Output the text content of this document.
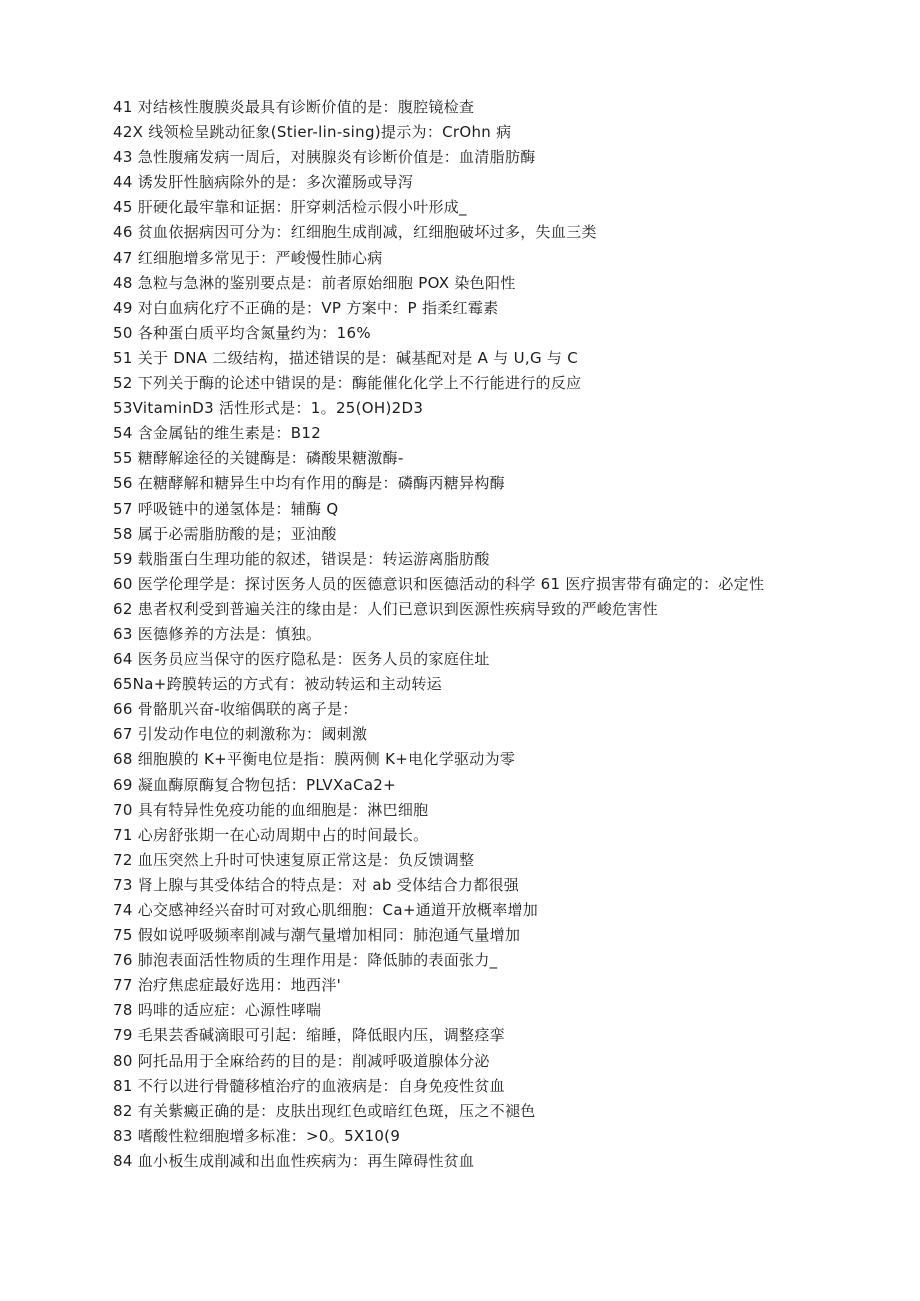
41 对结核性腹膜炎最具有诊断价值的是：腹腔镜检查
42X 线领检呈跳动征象(Stier-lin-sing)提示为：CrOhn 病
43 急性腹痛发病一周后，对胰腺炎有诊断价值是：血清脂肪酶
44 诱发肝性脑病除外的是：多次灌肠或导泻
45 肝硬化最牢靠和证据：肝穿刺活检示假小叶形成_
46 贫血依据病因可分为：红细胞生成削减，红细胞破坏过多，失血三类
47 红细胞增多常见于：严峻慢性肺心病
48 急粒与急淋的鉴别要点是：前者原始细胞 POX 染色阳性
49 对白血病化疗不正确的是：VP 方案中：P 指柔红霉素
50 各种蛋白质平均含氮量约为：16%
51 关于 DNA 二级结构，描述错误的是：碱基配对是 A 与 U,G 与 C
52 下列关于酶的论述中错误的是：酶能催化化学上不行能进行的反应
53VitaminD3 活性形式是：1。25(OH)2D3
54 含金属钻的维生素是：B12
55 糖酵解途径的关键酶是：磷酸果糖激酶-
56 在糖酵解和糖异生中均有作用的酶是：磷酶丙糖异构酶
57 呼吸链中的递氢体是：辅酶 Q
58 属于必需脂肪酸的是；亚油酸
59 载脂蛋白生理功能的叙述，错误是：转运游离脂肪酸
60 医学伦理学是：探讨医务人员的医德意识和医德活动的科学 61 医疗损害带有确定的：必定性
62 患者权利受到普遍关注的缘由是：人们已意识到医源性疾病导致的严峻危害性
63 医德修养的方法是：慎独。
64 医务员应当保守的医疗隐私是：医务人员的家庭住址
65Na+跨膜转运的方式有：被动转运和主动转运
66 骨骼肌兴奋-收缩偶联的离子是：
67 引发动作电位的刺激称为：阈刺激
68 细胞膜的 K+平衡电位是指：膜两侧 K+电化学驱动为零
69 凝血酶原酶复合物包括：PLVXaCa2+
70 具有特异性免疫功能的血细胞是：淋巴细胞
71 心房舒张期一在心动周期中占的时间最长。
72 血压突然上升时可快速复原正常这是：负反馈调整
73 肾上腺与其受体结合的特点是：对 ab 受体结合力都很强
74 心交感神经兴奋时可对致心肌细胞：Ca+通道开放概率增加
75 假如说呼吸频率削减与潮气量增加相同：肺泡通气量增加
76 肺泡表面活性物质的生理作用是：降低肺的表面张力_
77 治疗焦虑症最好选用：地西泮'
78 吗啡的适应症：心源性哮喘
79 毛果芸香碱滴眼可引起：缩睡，降低眼内压，调整痉挛
80 阿托品用于全麻给药的目的是：削减呼吸道腺体分泌
81 不行以进行骨髓移植治疗的血液病是：自身免疫性贫血
82 有关紫癜正确的是：皮肤出现红色或暗红色斑，压之不褪色
83 嗜酸性粒细胞增多标准：>0。5X10(9
84 血小板生成削减和出血性疾病为：再生障碍性贫血
